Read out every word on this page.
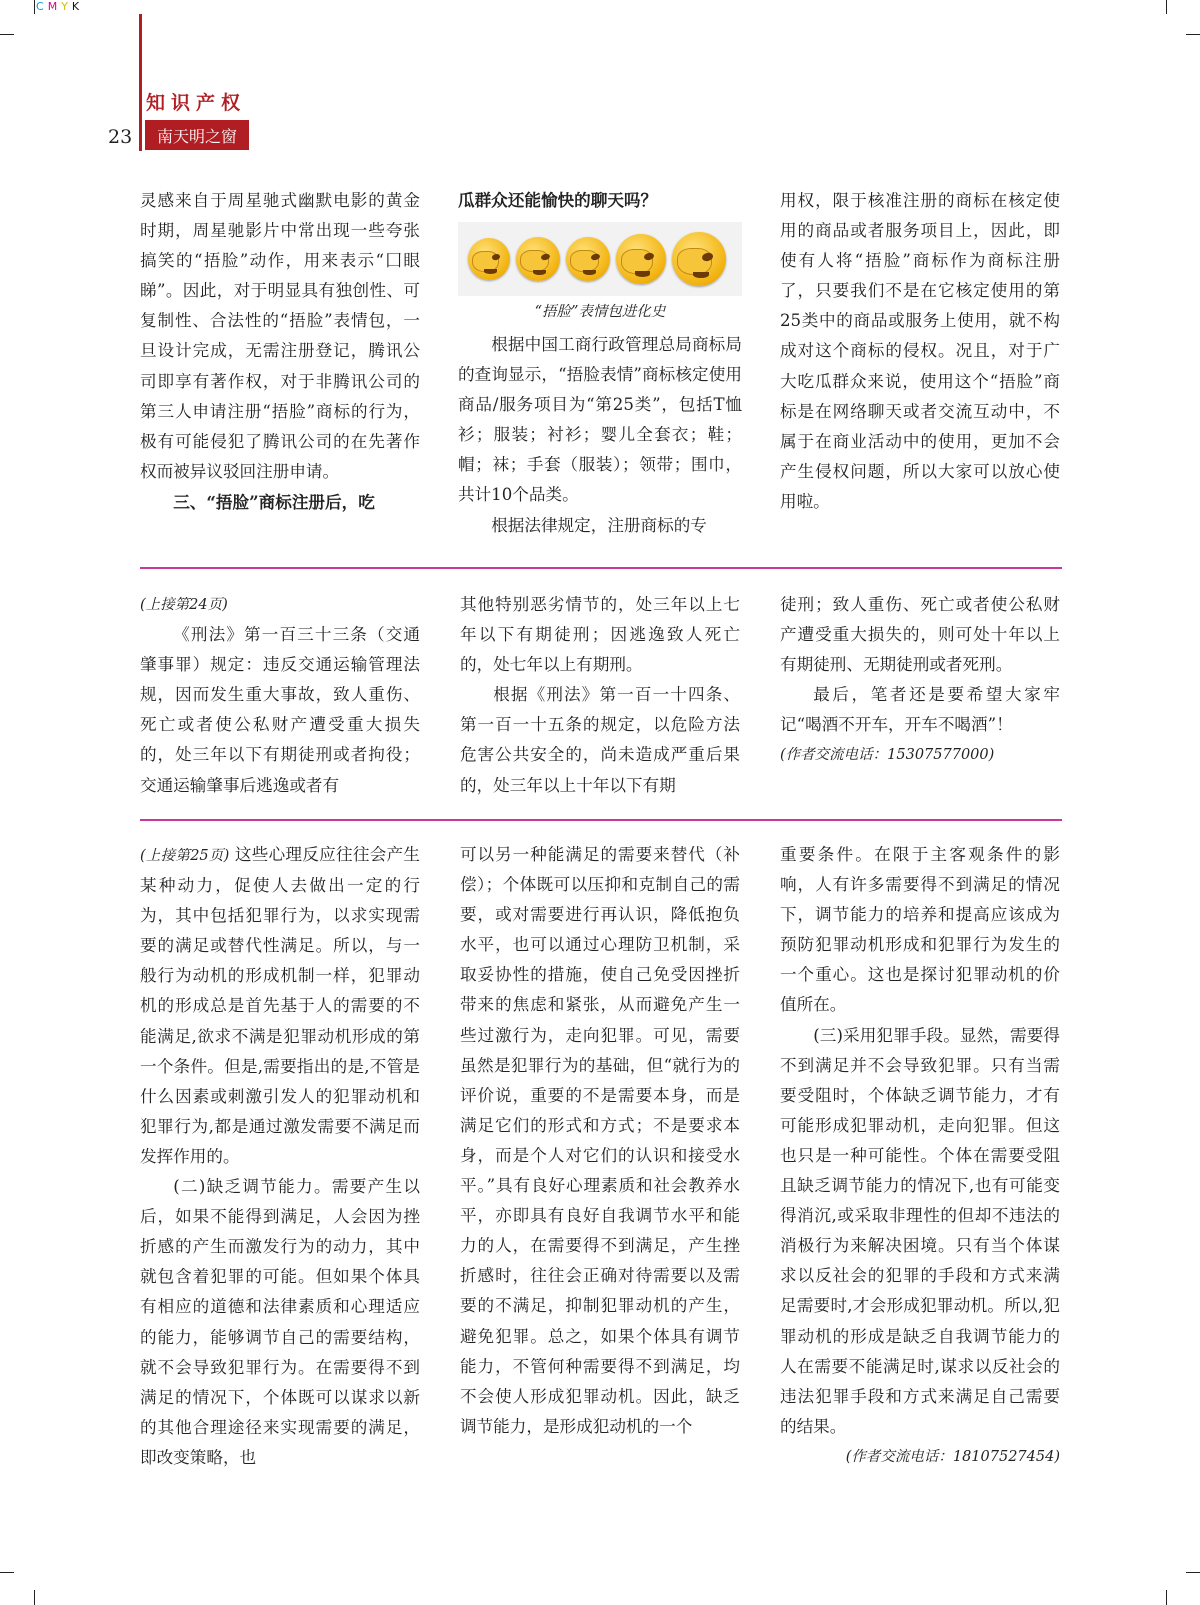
CMYK
知识产权
23	南天明之窗

灵感来自于周星驰式幽默电影的黄金时期，周星驰影片中常出现一些夸张搞笑的“捂脸”动作，用来表示“囗眼睇”。因此，对于明显具有独创性、可复制性、合法性的“捂脸”表情包，一旦设计完成，无需注册登记，腾讯公司即享有著作权，对于非腾讯公司的第三人申请注册“捂脸”商标的行为，极有可能侵犯了腾讯公司的在先著作权而被异议驳回注册申请。

三、“捂脸”商标注册后，吃

瓜群众还能愉快的聊天吗？
“捂脸”表情包进化史

根据中国工商行政管理总局商标局的查询显示，“捂脸表情”商标核定使用商品/服务项目为“第25类”，包括T恤衫；服装；衬衫；婴儿全套衣；鞋；帽；袜；手套（服装）；领带；围巾，共计10个品类。

根据法律规定，注册商标的专

用权，限于核准注册的商标在核定使用的商品或者服务项目上，因此，即使有人将“捂脸”商标作为商标注册了，只要我们不是在它核定使用的第25类中的商品或服务上使用，就不构成对这个商标的侵权。况且，对于广大吃瓜群众来说，使用这个“捂脸”商标是在网络聊天或者交流互动中，不属于在商业活动中的使用，更加不会产生侵权问题，所以大家可以放心使用啦。

(上接第24页)

《刑法》第一百三十三条（交通肇事罪）规定：违反交通运输管理法规，因而发生重大事故，致人重伤、死亡或者使公私财产遭受重大损失的，处三年以下有期徒刑或者拘役；交通运输肇事后逃逸或者有

其他特别恶劣情节的，处三年以上七年以下有期徒刑；因逃逸致人死亡的，处七年以上有期刑。

根据《刑法》第一百一十四条、第一百一十五条的规定，以危险方法危害公共安全的，尚未造成严重后果的，处三年以上十年以下有期

徒刑；致人重伤、死亡或者使公私财产遭受重大损失的，则可处十年以上有期徒刑、无期徒刑或者死刑。

最后，笔者还是要希望大家牢记“喝酒不开车，开车不喝酒”！

(作者交流电话：15307577000)

(上接第25页) 这些心理反应往往会产生某种动力，促使人去做出一定的行为，其中包括犯罪行为，以求实现需要的满足或替代性满足。所以，与一般行为动机的形成机制一样，犯罪动机的形成总是首先基于人的需要的不能满足,欲求不满是犯罪动机形成的第一个条件。但是,需要指出的是,不管是什么因素或刺激引发人的犯罪动机和犯罪行为,都是通过激发需要不满足而发挥作用的。

(二)缺乏调节能力。需要产生以后，如果不能得到满足，人会因为挫折感的产生而激发行为的动力，其中就包含着犯罪的可能。但如果个体具有相应的道德和法律素质和心理适应的能力，能够调节自己的需要结构，就不会导致犯罪行为。在需要得不到满足的情况下，个体既可以谋求以新的其他合理途径来实现需要的满足，即改变策略，也

可以另一种能满足的需要来替代（补偿）；个体既可以压抑和克制自己的需要，或对需要进行再认识，降低抱负水平，也可以通过心理防卫机制，采取妥协性的措施，使自己免受因挫折带来的焦虑和紧张，从而避免产生一些过激行为，走向犯罪。可见，需要虽然是犯罪行为的基础，但“就行为的评价说，重要的不是需要本身，而是满足它们的形式和方式；不是要求本身，而是个人对它们的认识和接受水平。”具有良好心理素质和社会教养水平，亦即具有良好自我调节水平和能力的人，在需要得不到满足，产生挫折感时，往往会正确对待需要以及需要的不满足，抑制犯罪动机的产生，避免犯罪。总之，如果个体具有调节能力，不管何种需要得不到满足，均不会使人形成犯罪动机。因此，缺乏调节能力，是形成犯动机的一个

重要条件。在限于主客观条件的影响，人有许多需要得不到满足的情况下，调节能力的培养和提高应该成为预防犯罪动机形成和犯罪行为发生的一个重心。这也是探讨犯罪动机的价值所在。

(三)采用犯罪手段。显然，需要得不到满足并不会导致犯罪。只有当需要受阻时，个体缺乏调节能力，才有可能形成犯罪动机，走向犯罪。但这也只是一种可能性。个体在需要受阻且缺乏调节能力的情况下,也有可能变得消沉,或采取非理性的但却不违法的消极行为来解决困境。只有当个体谋求以反社会的犯罪的手段和方式来满足需要时,才会形成犯罪动机。所以,犯罪动机的形成是缺乏自我调节能力的人在需要不能满足时,谋求以反社会的违法犯罪手段和方式来满足自己需要的结果。

(作者交流电话：18107527454)
